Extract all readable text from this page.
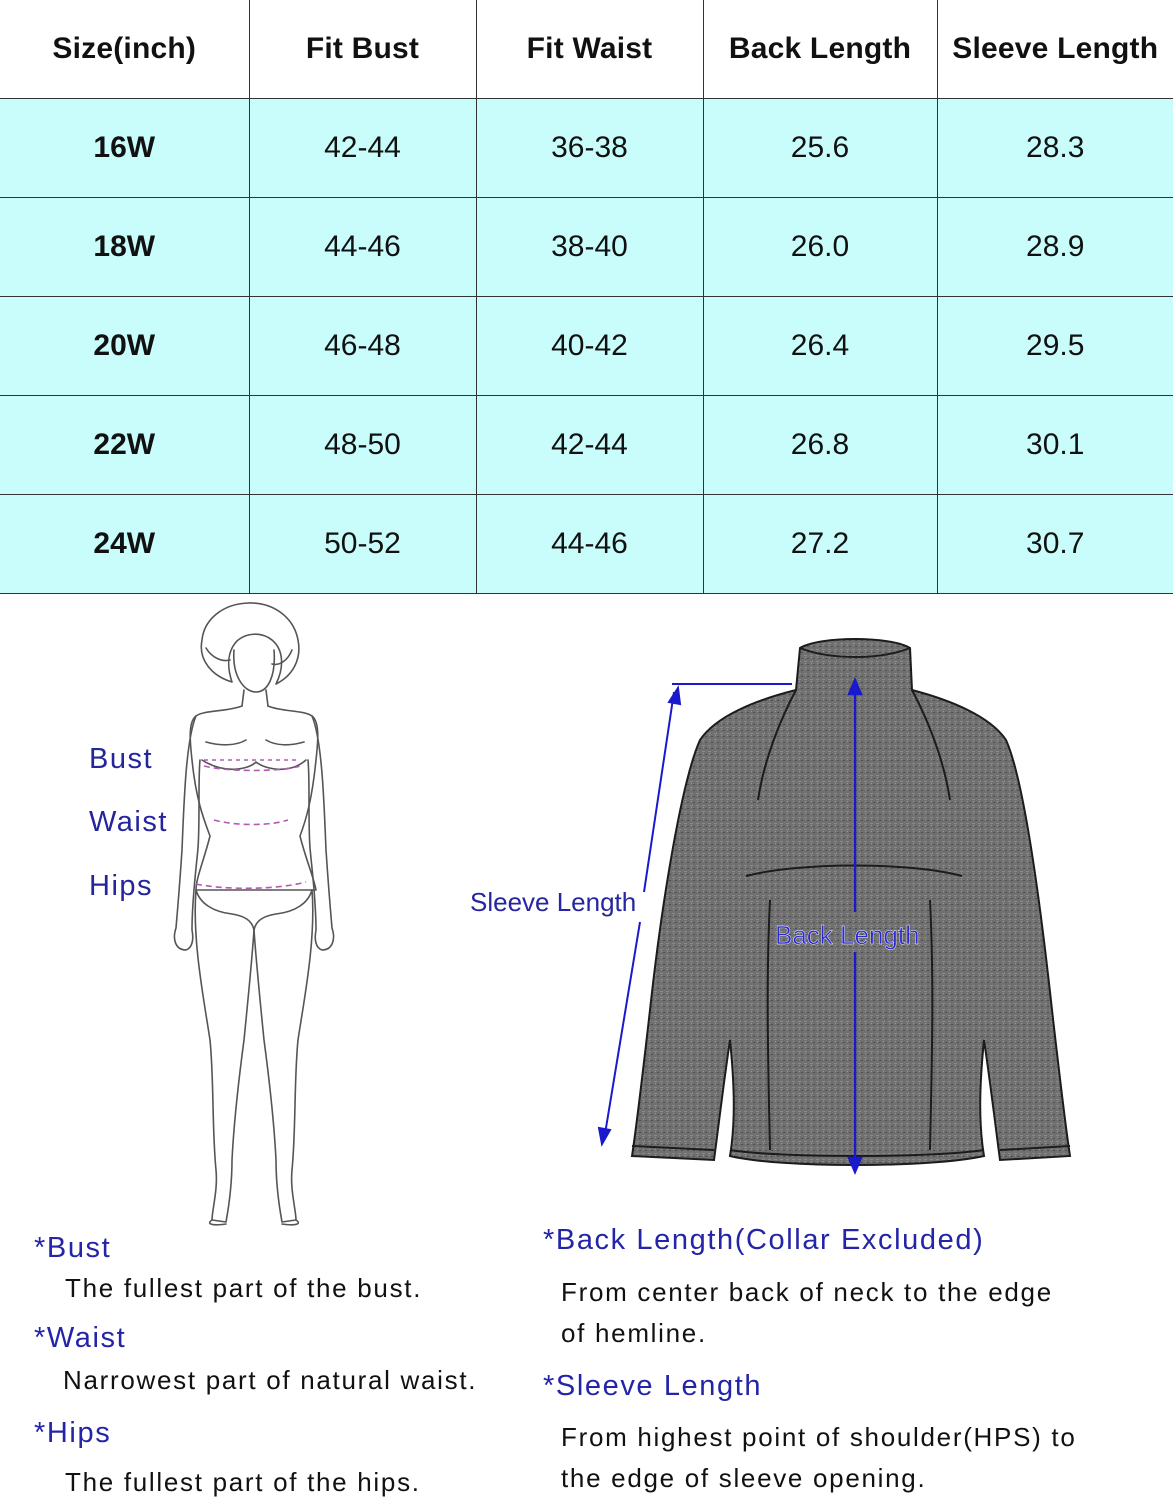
Size(inch)	Fit Bust	Fit Waist	Back Length	Sleeve Length
16W	42-44	36-38	25.6	28.3
18W	44-46	38-40	26.0	28.9
20W	46-48	40-42	26.4	29.5
22W	48-50	42-44	26.8	30.1
24W	50-52	44-46	27.2	30.7
Bust
Waist
Hips	Sleeve Length
Back Length
*Bust
The fullest part of the bust.
*Waist
Narrowest part of natural waist.
*Hips
The fullest part of the hips.
*Back Length(Collar Excluded)
From center back of neck to the edge
of hemline.
*Sleeve Length
From highest point of shoulder(HPS) to
the edge of sleeve opening.
